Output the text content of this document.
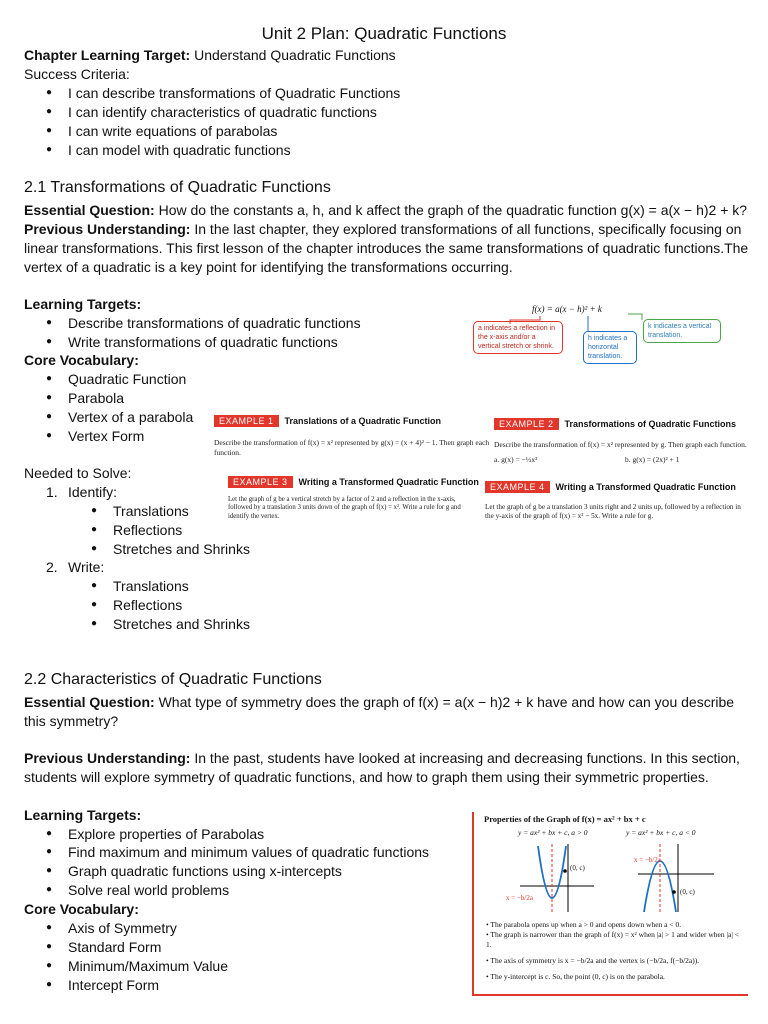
Unit 2 Plan: Quadratic Functions
Chapter Learning Target: Understand Quadratic Functions
Success Criteria:
● I can describe transformations of Quadratic Functions
● I can identify characteristics of quadratic functions
● I can write equations of parabolas
● I can model with quadratic functions
2.1 Transformations of Quadratic Functions
Essential Question: How do the constants a, h, and k affect the graph of the quadratic function g(x) = a(x − h)2 + k?
Previous Understanding: In the last chapter, they explored transformations of all functions, specifically focusing on
linear transformations. This first lesson of the chapter introduces the same transformations of quadratic functions.The
vertex of a quadratic is a key point for identifying the transformations occurring.
Learning Targets:
● Describe transformations of quadratic functions
● Write transformations of quadratic functions
Core Vocabulary:
● Quadratic Function
● Parabola
● Vertex of a parabola
● Vertex Form
Needed to Solve:
1. Identify:
● Translations
● Reflections
● Stretches and Shrinks
2. Write:
● Translations
● Reflections
● Stretches and Shrinks
f(x) = a(x − h)² + k
a indicates a reflection in the x-axis and/or a vertical stretch or shrink.
h indicates a horizontal translation.
k indicates a vertical translation.
EXAMPLE 1 Translations of a Quadratic Function
Describe the transformation of f(x) = x² represented by g(x) = (x + 4)² − 1. Then graph each function.
EXAMPLE 2 Transformations of Quadratic Functions
Describe the transformation of f(x) = x² represented by g. Then graph each function.
a. g(x) = −½x²	b. g(x) = (2x)² + 1
EXAMPLE 3 Writing a Transformed Quadratic Function
Let the graph of g be a vertical stretch by a factor of 2 and a reflection in the x-axis, followed by a translation 3 units down of the graph of f(x) = x². Write a rule for g and identify the vertex.
EXAMPLE 4 Writing a Transformed Quadratic Function
Let the graph of g be a translation 3 units right and 2 units up, followed by a reflection in the y-axis of the graph of f(x) = x² − 5x. Write a rule for g.
2.2 Characteristics of Quadratic Functions
Essential Question: What type of symmetry does the graph of f(x) = a(x − h)2 + k have and how can you describe
this symmetry?
Previous Understanding: In the past, students have looked at increasing and decreasing functions. In this section,
students will explore symmetry of quadratic functions, and how to graph them using their symmetric properties.
Learning Targets:
● Explore properties of Parabolas
● Find maximum and minimum values of quadratic functions
● Graph quadratic functions using x-intercepts
● Solve real world problems
Core Vocabulary:
● Axis of Symmetry
● Standard Form
● Minimum/Maximum Value
● Intercept Form
Properties of the Graph of f(x) = ax² + bx + c
y = ax² + bx + c, a > 0	y = ax² + bx + c, a < 0
(0, c)
x = −b/2a
(0, c)
x = −b/2a
• The parabola opens up when a > 0 and opens down when a < 0.
• The graph is narrower than the graph of f(x) = x² when |a| > 1 and wider when |a| < 1.
• The axis of symmetry is x = −b/2a and the vertex is (−b/2a, f(−b/2a)).
• The y-intercept is c. So, the point (0, c) is on the parabola.
